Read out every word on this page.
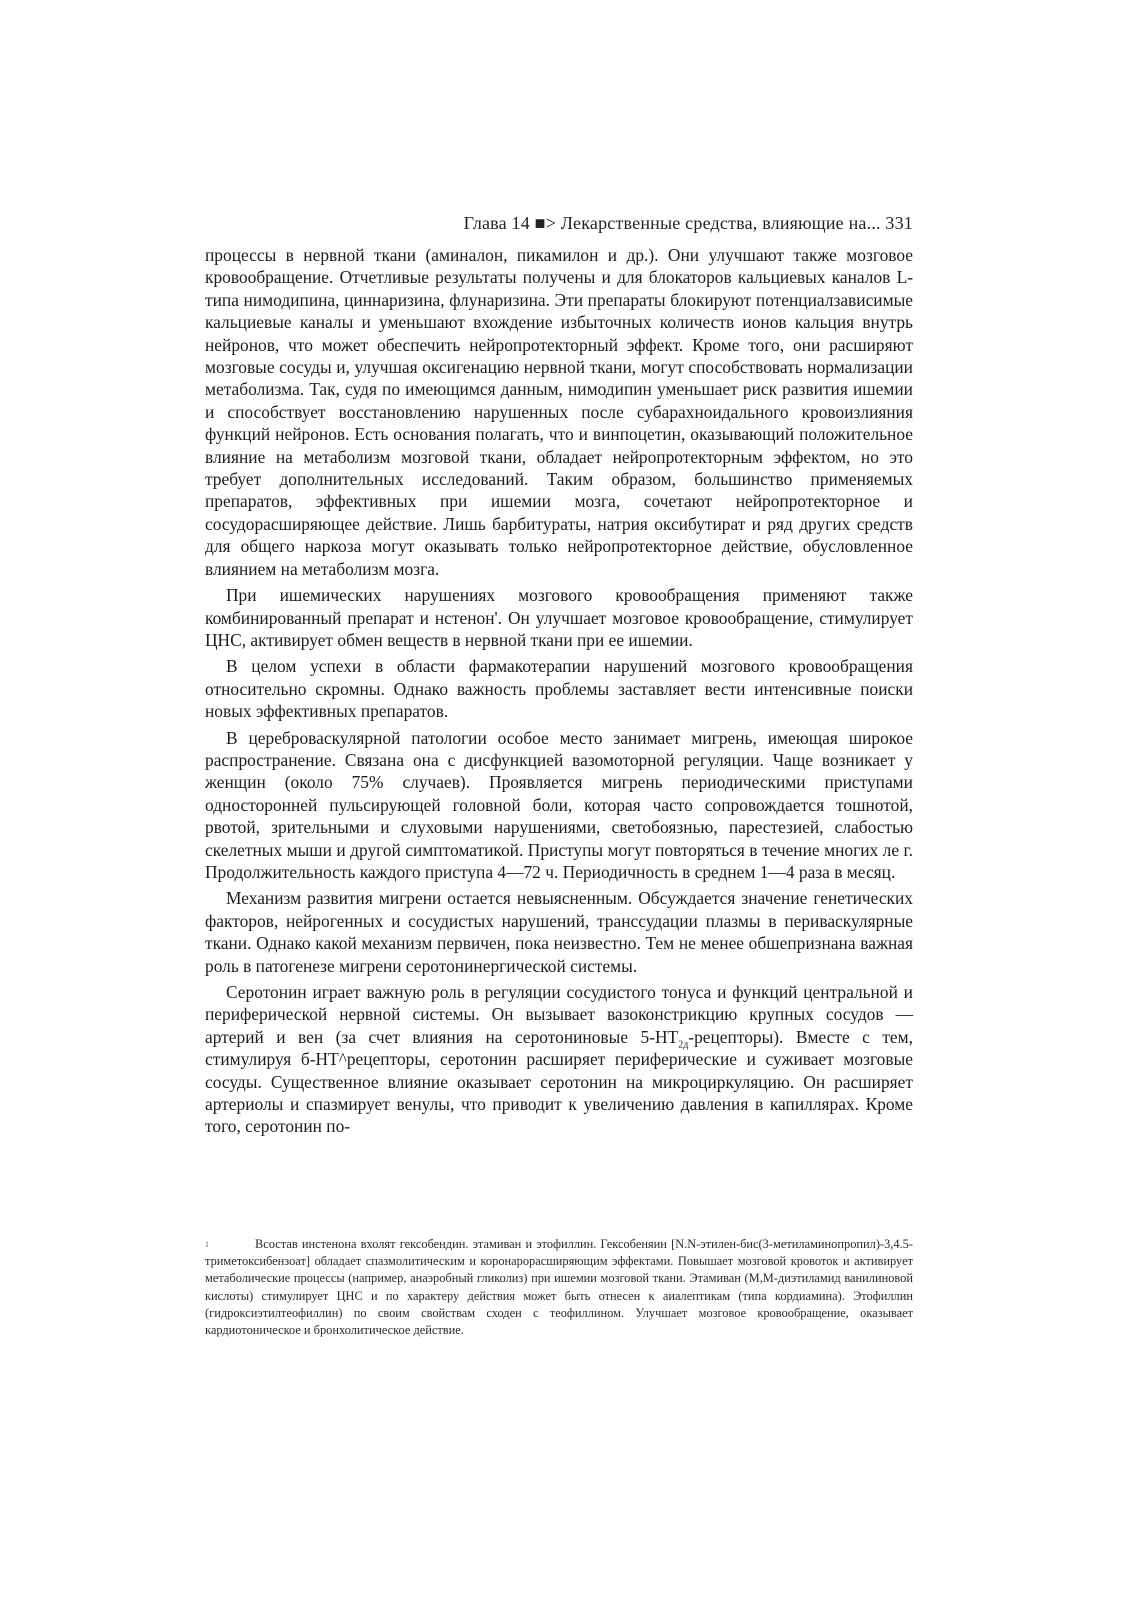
Глава 14 ■> Лекарственные средства, влияющие на... 331

процессы в нервной ткани (аминалон, пикамилон и др.). Они улучшают также мозговое кровообращение. Отчетливые результаты получены и для блокаторов кальциевых каналов L-типа нимодипина, циннаризина, флунаризина. Эти препараты блокируют потенциалзависимые кальциевые каналы и уменьшают вхождение избыточных количеств ионов кальция внутрь нейронов, что может обеспечить нейропротекторный эффект. Кроме того, они расширяют мозговые сосуды и, улучшая оксигенацию нервной ткани, могут способствовать нормализации метаболизма. Так, судя по имеющимся данным, нимодипин уменьшает риск развития ишемии и способствует восстановлению нарушенных после субарахноидального кровоизлияния функций нейронов. Есть основания полагать, что и винпоцетин, оказывающий положительное влияние на метаболизм мозговой ткани, обладает нейропротекторным эффектом, но это требует дополнительных исследований. Таким образом, большинство применяемых препаратов, эффективных при ишемии мозга, сочетают нейропротекторное и сосудорасширяющее действие. Лишь барбитураты, натрия оксибутират и ряд других средств для общего наркоза могут оказывать только нейропротекторное действие, обусловленное влиянием на метаболизм мозга.

При ишемических нарушениях мозгового кровообращения применяют также комбинированный препарат и нстенон'. Он улучшает мозговое кровообращение, стимулирует ЦНС, активирует обмен веществ в нервной ткани при ее ишемии.

В целом успехи в области фармакотерапии нарушений мозгового кровообращения относительно скромны. Однако важность проблемы заставляет вести интенсивные поиски новых эффективных препаратов.

В цереброваскулярной патологии особое место занимает мигрень, имеющая широкое распространение. Связана она с дисфункцией вазомоторной регуляции. Чаще возникает у женщин (около 75% случаев). Проявляется мигрень периодическими приступами односторонней пульсирующей головной боли, которая часто сопровождается тошнотой, рвотой, зрительными и слуховыми нарушениями, светобоязнью, парестезией, слабостью скелетных мыши и другой симптоматикой. Приступы могут повторяться в течение многих ле г. Продолжительность каждого приступа 4—72 ч. Периодичность в среднем 1—4 раза в месяц.

Механизм развития мигрени остается невыясненным. Обсуждается значение генетических факторов, нейрогенных и сосудистых нарушений, транссудации плазмы в периваскулярные ткани. Однако какой механизм первичен, пока неизвестно. Тем не менее обшепризнана важная роль в патогенезе мигрени серотонинергической системы.

Серотонин играет важную роль в регуляции сосудистого тонуса и функций центральной и периферической нервной системы. Он вызывает вазоконстрикцию крупных сосудов — артерий и вен (за счет влияния на серотониновые $5-HT_{2д}-рецепторы$). Вместе с тем, стимулируя б-НТ^рецепторы, серотонин расширяет периферические и суживает мозговые сосуды. Существенное влияние оказывает серотонин на микроциркуляцию. Он расширяет артериолы и спазмирует венулы, что приводит к увеличению давления в капиллярах. Кроме того, серотонин по-

1	Всостав инстенона вхолят гексобендин. этамиван и этофиллин. Гексобеняин [N.N-этилен-бис(3-метиламинопропил)-3,4.5-триметоксибензоат] обладает спазмолитическим и коронарорасширяющим эффектами. Повышает мозговой кровоток и активирует метаболические процессы (например, анаэробный гликолиз) при ишемии мозговой ткани. Этамиван (М,М-диэтиламид ванилиновой кислоты) стимулирует ЦНС и по характеру действия может быть отнесен к аиалептикам (типа кордиамина). Этофиллин (гидроксиэтилтеофиллин) по своим свойствам сходен с теофиллином. Улучшает мозговое кровообращение, оказывает кардиотоническое и бронхолитическое действие.
